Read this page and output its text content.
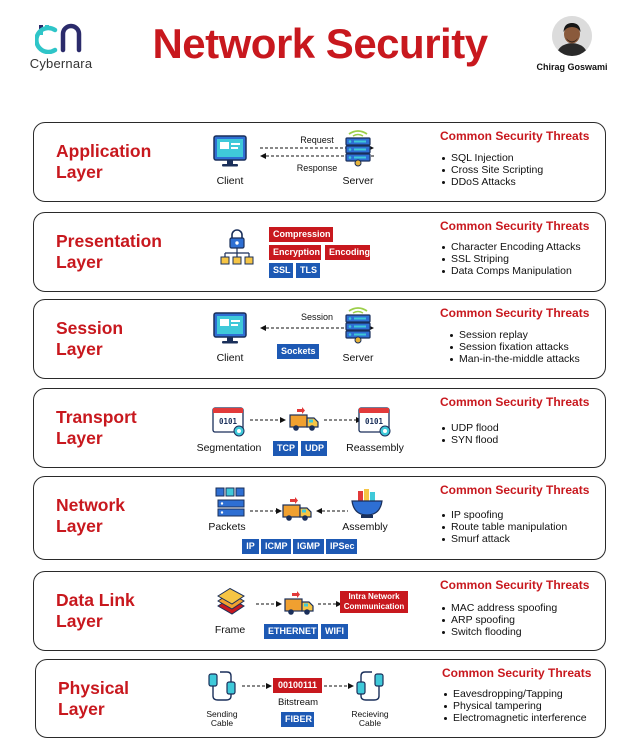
Cybernara	Network Security	Chirag Goswami
Application
Layer	Client
Request
Response
Server
Common Security Threats
SQL Injection
Cross Site Scripting
DDoS Attacks
Presentation
Layer
Compression
Encryption Encoding
SSL	TLS
Common Security Threats
Character Encoding Attacks
SSL Striping
Data Comps Manipulation
Session
Layer	Client
Session
Sockets
Server
Common Security Threats
Session replay
Session fixation attacks
Man-in-the-middle attacks
Transport
Layer	Segmentation	TCP	UDP	Reassembly
Common Security Threats
UDP flood
SYN flood
Network
Layer	Packets	Assembly
IP	ICMP	IGMP	IPSec
Common Security Threats
IP spoofing
Route table manipulation
Smurf attack
Data Link
Layer	Frame
Intra Network
Communication
ETHERNET WIFI
Common Security Threats
MAC address spoofing
ARP spoofing
Switch flooding
Physical
Layer	Sending
Cable
00100111
Bitstream
FIBER	Recieving
Cable
Common Security Threats
Eavesdropping/Tapping
Physical tampering
Electromagnetic interference
